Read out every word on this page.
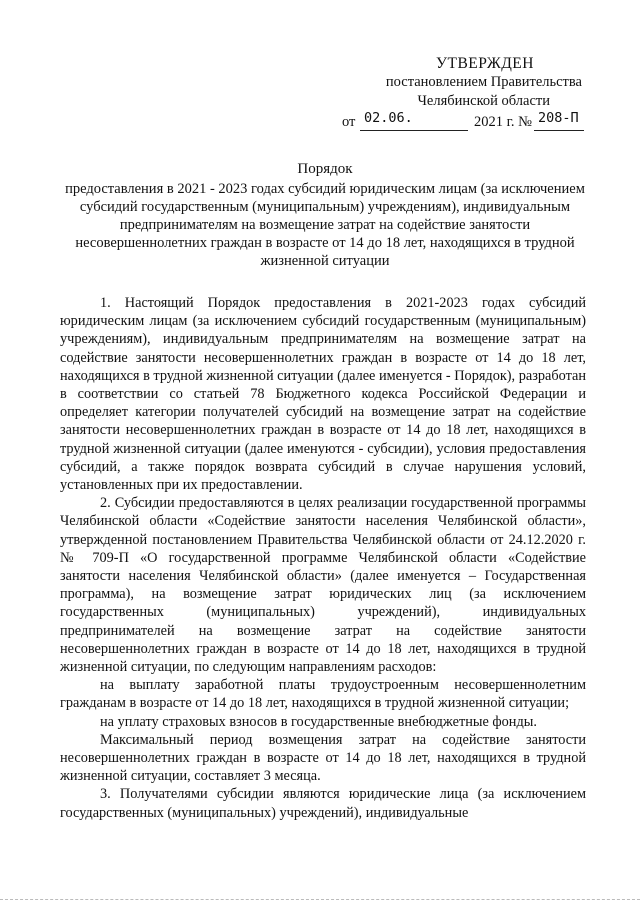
УТВЕРЖДЕН
постановлением Правительства
Челябинской области
от 02.06.	2021 г. № 208-П
Порядок
предоставления в 2021 - 2023 годах субсидий юридическим лицам (за исключением субсидий государственным (муниципальным) учреждениям), индивидуальным предпринимателям на возмещение затрат на содействие занятости несовершеннолетних граждан в возрасте от 14 до 18 лет, находящихся в трудной жизненной ситуации

1. Настоящий Порядок предоставления в 2021-2023 годах субсидий юридическим лицам (за исключением субсидий государственным (муниципальным) учреждениям), индивидуальным предпринимателям на возмещение затрат на содействие занятости несовершеннолетних граждан в возрасте от 14 до 18 лет, находящихся в трудной жизненной ситуации (далее именуется - Порядок), разработан в соответствии со статьей 78 Бюджетного кодекса Российской Федерации и определяет категории получателей субсидий на возмещение затрат на содействие занятости несовершеннолетних граждан в возрасте от 14 до 18 лет, находящихся в трудной жизненной ситуации (далее именуются - субсидии), условия предоставления субсидий, а также порядок возврата субсидий в случае нарушения условий, установленных при их предоставлении.

2. Субсидии предоставляются в целях реализации государственной программы Челябинской области «Содействие занятости населения Челябинской области», утвержденной постановлением Правительства Челябинской области от 24.12.2020 г. № 709-П «О государственной программе Челябинской области «Содействие занятости населения Челябинской области» (далее именуется – Государственная программа), на возмещение затрат юридических лиц (за исключением государственных (муниципальных) учреждений), индивидуальных предпринимателей на возмещение затрат на содействие занятости несовершеннолетних граждан в возрасте от 14 до 18 лет, находящихся в трудной жизненной ситуации, по следующим направлениям расходов:

на выплату заработной платы трудоустроенным несовершеннолетним гражданам в возрасте от 14 до 18 лет, находящихся в трудной жизненной ситуации;

на уплату страховых взносов в государственные внебюджетные фонды.

Максимальный период возмещения затрат на содействие занятости несовершеннолетних граждан в возрасте от 14 до 18 лет, находящихся в трудной жизненной ситуации, составляет 3 месяца.

3. Получателями субсидии являются юридические лица (за исключением государственных (муниципальных) учреждений), индивидуальные
